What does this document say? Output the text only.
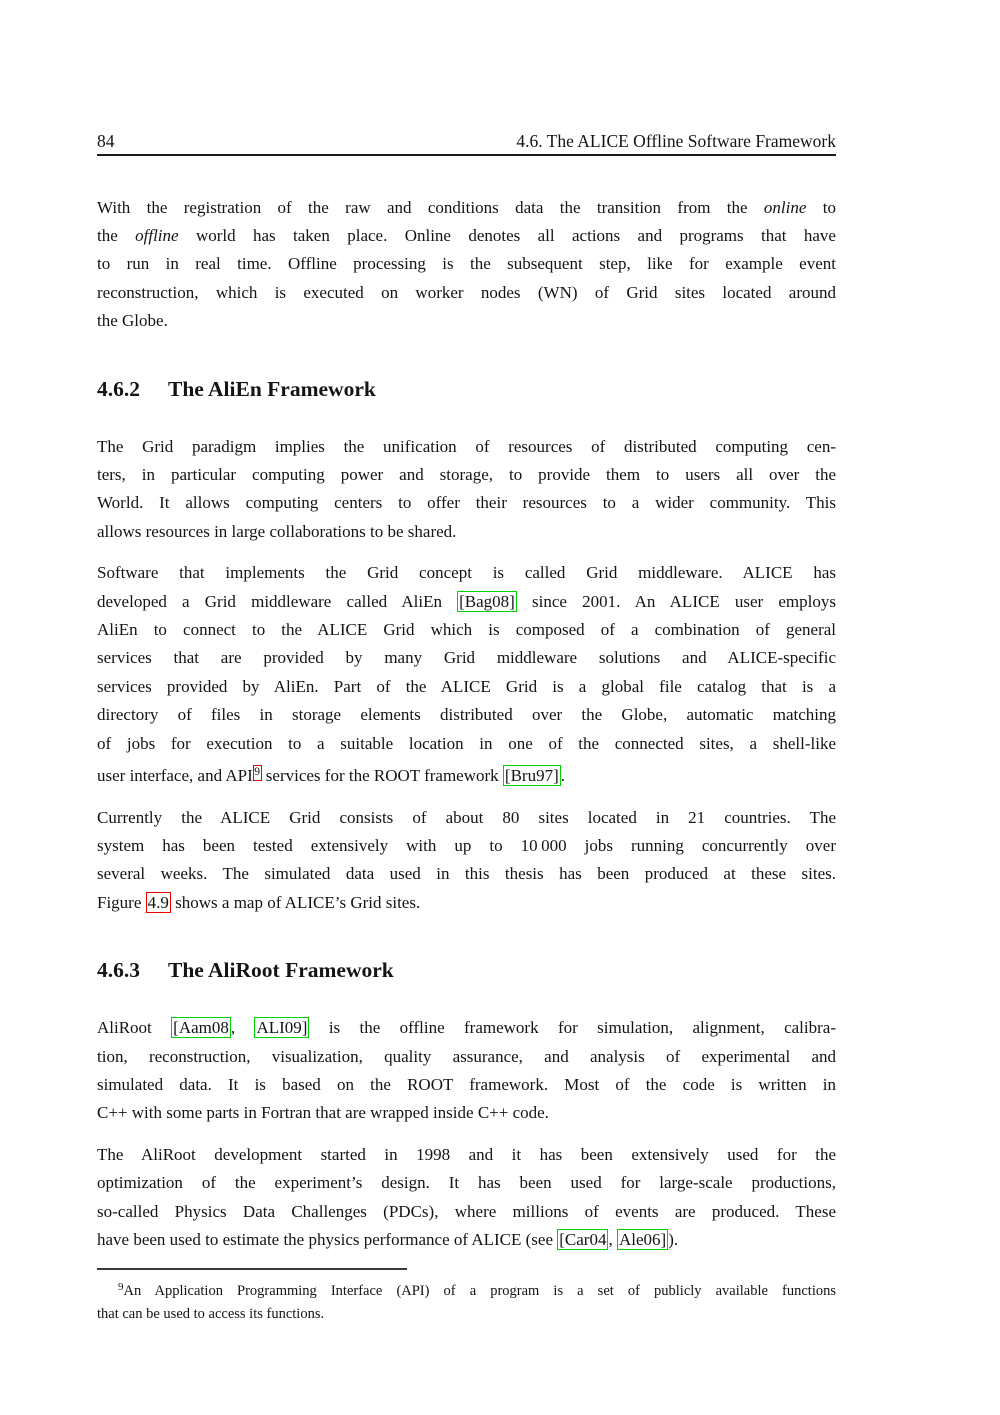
84	4.6. The ALICE Offline Software Framework
With the registration of the raw and conditions data the transition from the online to
the offline world has taken place. Online denotes all actions and programs that have
to run in real time. Offline processing is the subsequent step, like for example event
reconstruction, which is executed on worker nodes (WN) of Grid sites located around
the Globe.
4.6.2 The AliEn Framework
The Grid paradigm implies the unification of resources of distributed computing cen-
ters, in particular computing power and storage, to provide them to users all over the
World. It allows computing centers to offer their resources to a wider community. This
allows resources in large collaborations to be shared.
Software that implements the Grid concept is called Grid middleware. ALICE has
developed a Grid middleware called AliEn [Bag08] since 2001. An ALICE user employs
AliEn to connect to the ALICE Grid which is composed of a combination of general
services that are provided by many Grid middleware solutions and ALICE-specific
services provided by AliEn. Part of the ALICE Grid is a global file catalog that is a
directory of files in storage elements distributed over the Globe, automatic matching
of jobs for execution to a suitable location in one of the connected sites, a shell-like
user interface, and API $^9$ services for the ROOT framework [Bru97] .
Currently the ALICE Grid consists of about 80 sites located in 21 countries. The
system has been tested extensively with up to 10 000 jobs running concurrently over
several weeks. The simulated data used in this thesis has been produced at these sites.
Figure 4.9 shows a map of ALICE’s Grid sites.
4.6.3 The AliRoot Framework
AliRoot [Aam08 , ALI09] is the offline framework for simulation, alignment, calibra-
tion, reconstruction, visualization, quality assurance, and analysis of experimental and
simulated data. It is based on the ROOT framework. Most of the code is written in
C++ with some parts in Fortran that are wrapped inside C++ code.
The AliRoot development started in 1998 and it has been extensively used for the
optimization of the experiment’s design. It has been used for large-scale productions,
so-called Physics Data Challenges (PDCs), where millions of events are produced. These
have been used to estimate the physics performance of ALICE (see [Car04 , Ale06] ).
$^9$An Application Programming Interface (API) of a program is a set of publicly available functions
that can be used to access its functions.
